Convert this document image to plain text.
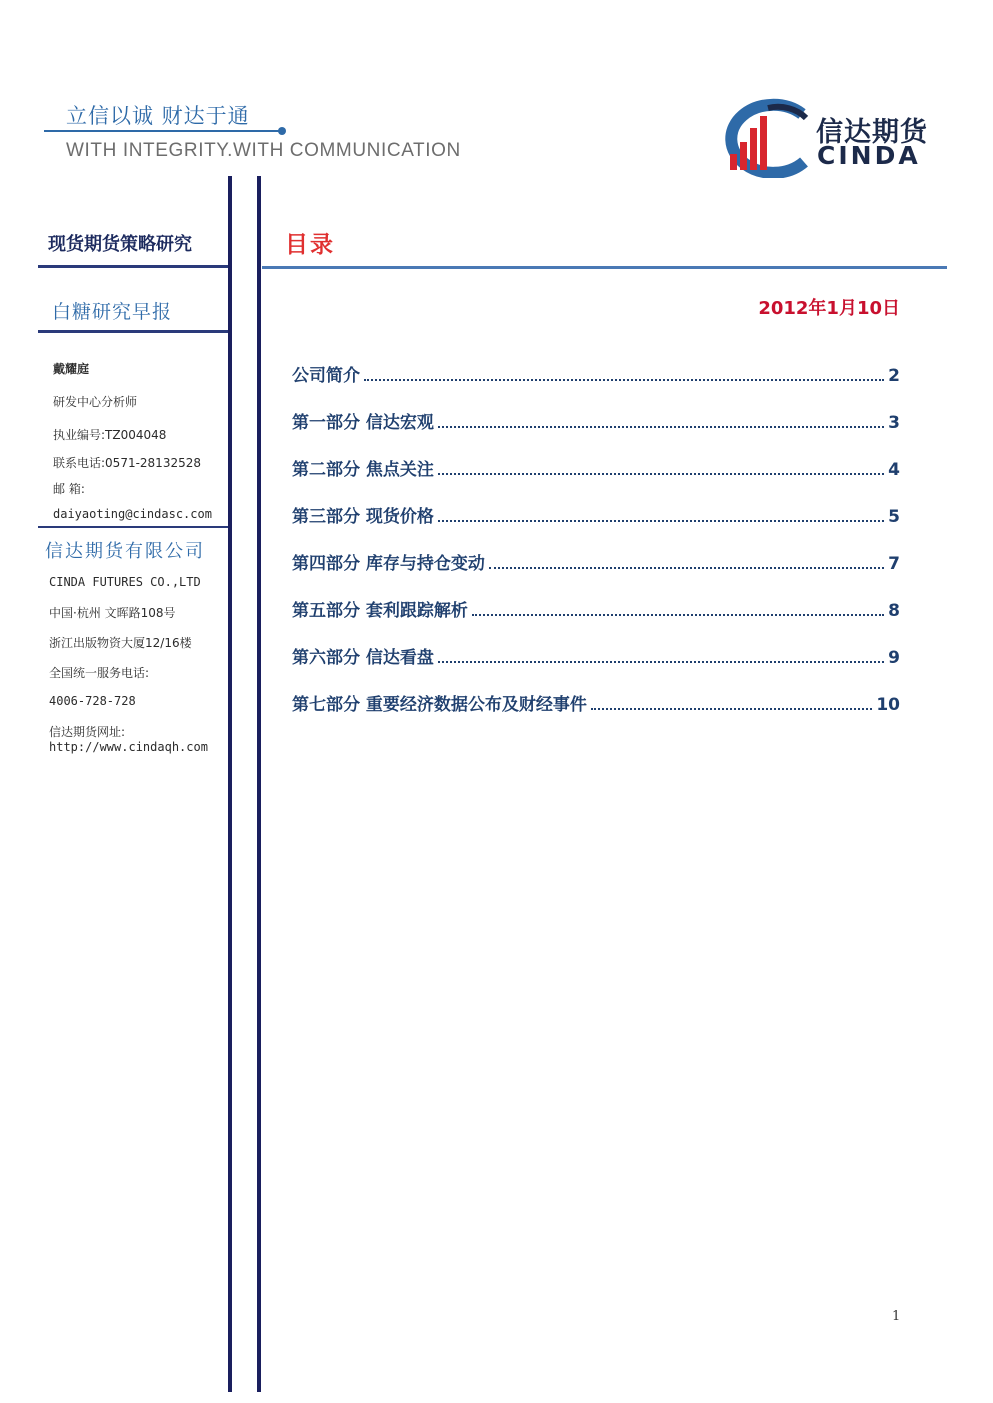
立信以诚 财达于通
WITH INTEGRITY.WITH COMMUNICATION
信达期货
CINDA
现货期货策略研究
白糖研究早报
戴耀庭
研发中心分析师
执业编号:TZ004048
联系电话:0571-28132528
邮 箱:
daiyaoting@cindasc.com
信达期货有限公司
CINDA FUTURES CO.,LTD
中国·杭州 文晖路108号
浙江出版物资大厦12/16楼
全国统一服务电话:
4006-728-728
信达期货网址:
http://www.cindaqh.com
目录
2012年1月10日
公司简介	2
第一部分 信达宏观	3
第二部分 焦点关注	4
第三部分 现货价格	5
第四部分 库存与持仓变动	7
第五部分 套利跟踪解析	8
第六部分 信达看盘	9
第七部分 重要经济数据公布及财经事件	10
1
